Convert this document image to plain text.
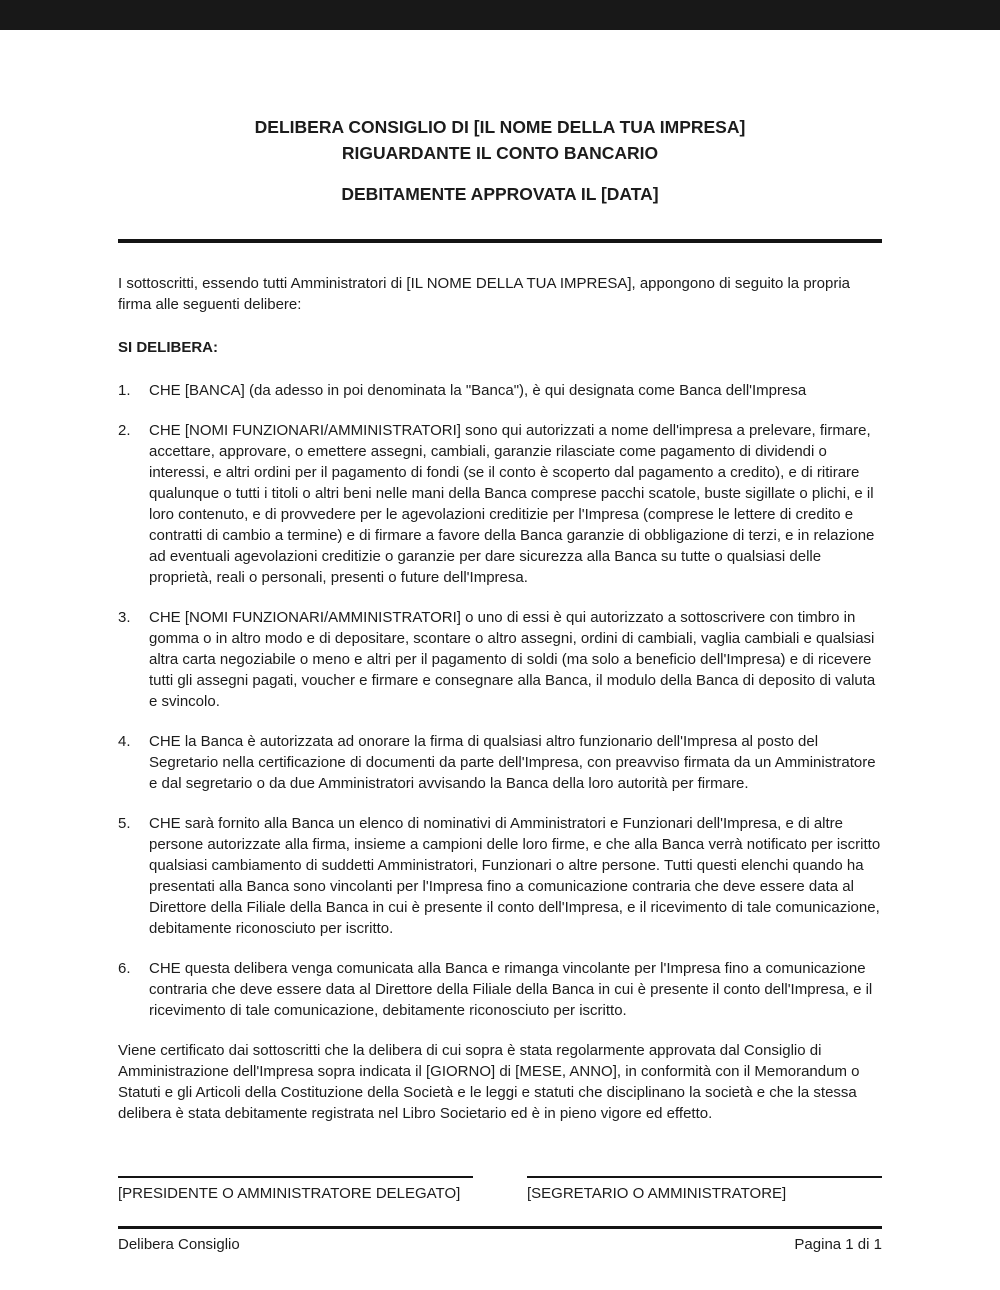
DELIBERA CONSIGLIO DI [IL NOME DELLA TUA IMPRESA]
RIGUARDANTE IL CONTO BANCARIO
DEBITAMENTE APPROVATA IL [DATA]

I sottoscritti, essendo tutti Amministratori di [IL NOME DELLA TUA IMPRESA], appongono di seguito la propria firma alle seguenti delibere:

SI DELIBERA:
1.	CHE [BANCA] (da adesso in poi denominata la "Banca"), è qui designata come Banca dell'Impresa
2.	CHE [NOMI FUNZIONARI/AMMINISTRATORI] sono qui autorizzati a nome dell'impresa a prelevare, firmare, accettare, approvare, o emettere assegni, cambiali, garanzie rilasciate come pagamento di dividendi o interessi, e altri ordini per il pagamento di fondi (se il conto è scoperto dal pagamento a credito), e di ritirare qualunque o tutti i titoli o altri beni nelle mani della Banca comprese pacchi scatole, buste sigillate o plichi, e il loro contenuto, e di provvedere per le agevolazioni creditizie per l'Impresa (comprese le lettere di credito e contratti di cambio a termine) e di firmare a favore della Banca garanzie di obbligazione di terzi, e in relazione ad eventuali agevolazioni creditizie o garanzie per dare sicurezza alla Banca su tutte o qualsiasi delle proprietà, reali o personali, presenti o future dell'Impresa.
3.	CHE [NOMI FUNZIONARI/AMMINISTRATORI] o uno di essi è qui autorizzato a sottoscrivere con timbro in gomma o in altro modo e di depositare, scontare o altro assegni, ordini di cambiali, vaglia cambiali e qualsiasi altra carta negoziabile o meno e altri per il pagamento di soldi (ma solo a beneficio dell'Impresa) e di ricevere tutti gli assegni pagati, voucher e firmare e consegnare alla Banca, il modulo della Banca di deposito di valuta e svincolo.
4.	CHE la Banca è autorizzata ad onorare la firma di qualsiasi altro funzionario dell'Impresa al posto del Segretario nella certificazione di documenti da parte dell'Impresa, con preavviso firmata da un Amministratore e dal segretario o da due Amministratori avvisando la Banca della loro autorità per firmare.
5.	CHE sarà fornito alla Banca un elenco di nominativi di Amministratori e Funzionari dell'Impresa, e di altre persone autorizzate alla firma, insieme a campioni delle loro firme, e che alla Banca verrà notificato per iscritto qualsiasi cambiamento di suddetti Amministratori, Funzionari o altre persone. Tutti questi elenchi quando ha presentati alla Banca sono vincolanti per l'Impresa fino a comunicazione contraria che deve essere data al Direttore della Filiale della Banca in cui è presente il conto dell'Impresa, e il ricevimento di tale comunicazione, debitamente riconosciuto per iscritto.
6.	CHE questa delibera venga comunicata alla Banca e rimanga vincolante per l'Impresa fino a comunicazione contraria che deve essere data al Direttore della Filiale della Banca in cui è presente il conto dell'Impresa, e il ricevimento di tale comunicazione, debitamente riconosciuto per iscritto.

Viene certificato dai sottoscritti che la delibera di cui sopra è stata regolarmente approvata dal Consiglio di Amministrazione dell'Impresa sopra indicata il [GIORNO] di [MESE, ANNO], in conformità con il Memorandum o Statuti e gli Articoli della Costituzione della Società e le leggi e statuti che disciplinano la società e che la stessa delibera è stata debitamente registrata nel Libro Societario ed è in pieno vigore ed effetto.

[PRESIDENTE O AMMINISTRATORE DELEGATO]	[SEGRETARIO O AMMINISTRATORE]
Delibera Consiglio	Pagina 1 di 1
